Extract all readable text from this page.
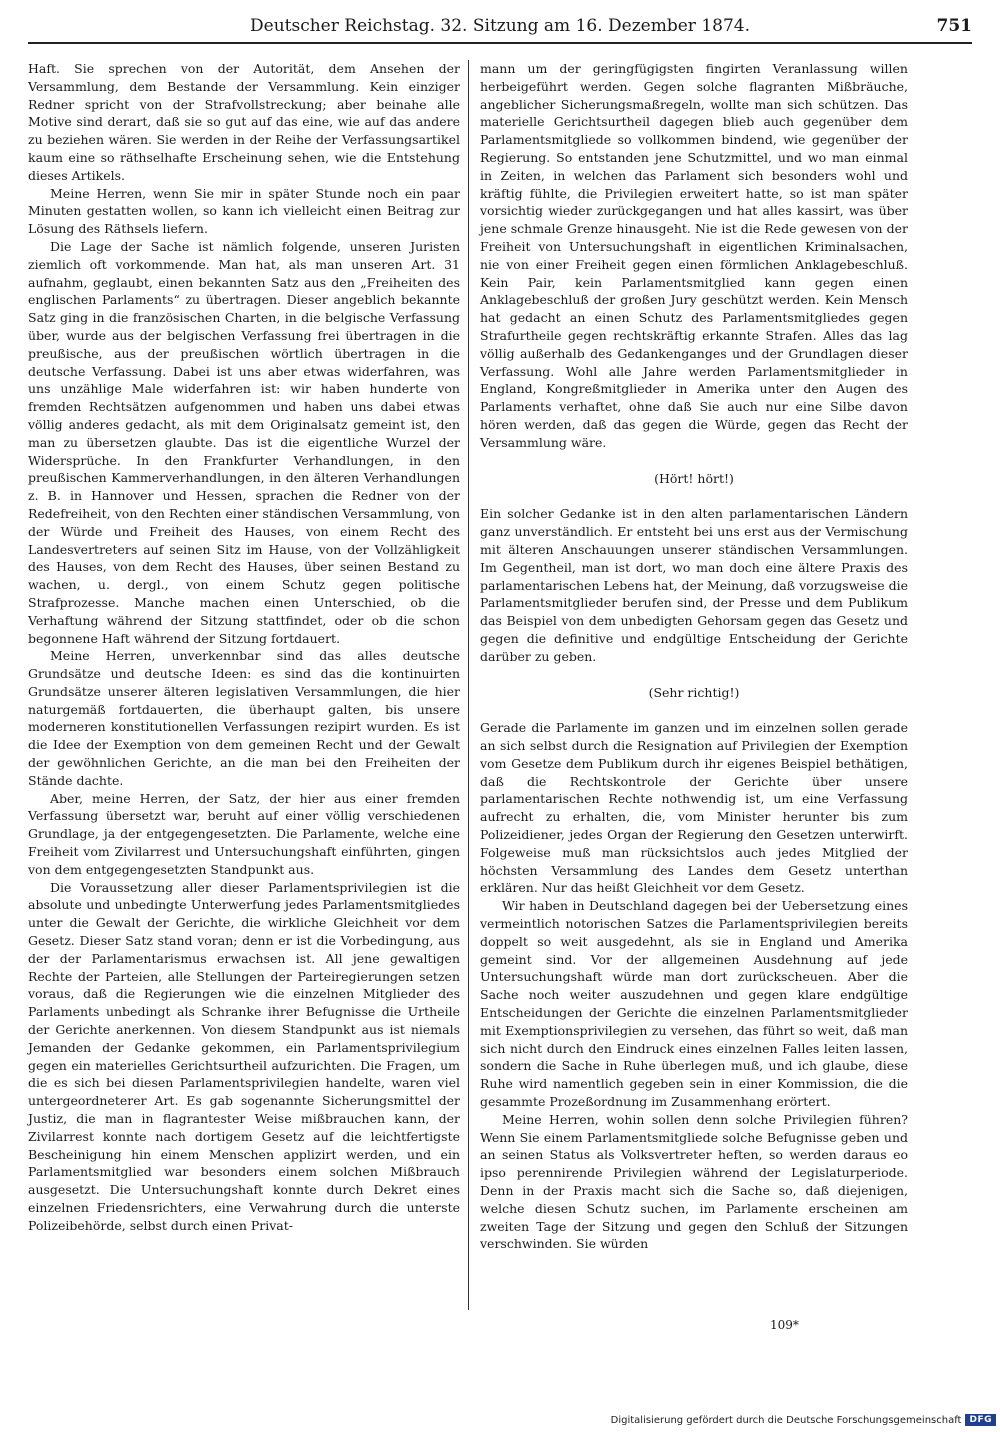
Deutscher Reichstag. 32. Sitzung am 16. Dezember 1874.	751

Haft. Sie sprechen von der Autorität, dem Ansehen der Versammlung, dem Bestande der Versammlung. Kein einziger Redner spricht von der Strafvollstreckung; aber beinahe alle Motive sind derart, daß sie so gut auf das eine, wie auf das andere zu beziehen wären. Sie werden in der Reihe der Verfassungsartikel kaum eine so räthselhafte Erscheinung sehen, wie die Entstehung dieses Artikels.

Meine Herren, wenn Sie mir in später Stunde noch ein paar Minuten gestatten wollen, so kann ich vielleicht einen Beitrag zur Lösung des Räthsels liefern.

Die Lage der Sache ist nämlich folgende, unseren Juristen ziemlich oft vorkommende. Man hat, als man unseren Art. 31 aufnahm, geglaubt, einen bekannten Satz aus den „Freiheiten des englischen Parlaments“ zu übertragen. Dieser angeblich bekannte Satz ging in die französischen Charten, in die belgische Verfassung über, wurde aus der belgischen Verfassung frei übertragen in die preußische, aus der preußischen wörtlich übertragen in die deutsche Verfassung. Dabei ist uns aber etwas widerfahren, was uns unzählige Male widerfahren ist: wir haben hunderte von fremden Rechtsätzen aufgenommen und haben uns dabei etwas völlig anderes gedacht, als mit dem Originalsatz gemeint ist, den man zu übersetzen glaubte. Das ist die eigentliche Wurzel der Widersprüche. In den Frankfurter Verhandlungen, in den preußischen Kammerverhandlungen, in den älteren Verhandlungen z. B. in Hannover und Hessen, sprachen die Redner von der Redefreiheit, von den Rechten einer ständischen Versammlung, von der Würde und Freiheit des Hauses, von einem Recht des Landesvertreters auf seinen Sitz im Hause, von der Vollzähligkeit des Hauses, von dem Recht des Hauses, über seinen Bestand zu wachen, u. dergl., von einem Schutz gegen politische Strafprozesse. Manche machen einen Unterschied, ob die Verhaftung während der Sitzung stattfindet, oder ob die schon begonnene Haft während der Sitzung fortdauert.

Meine Herren, unverkennbar sind das alles deutsche Grundsätze und deutsche Ideen: es sind das die kontinuirten Grundsätze unserer älteren legislativen Versammlungen, die hier naturgemäß fortdauerten, die überhaupt galten, bis unsere moderneren konstitutionellen Verfassungen rezipirt wurden. Es ist die Idee der Exemption von dem gemeinen Recht und der Gewalt der gewöhnlichen Gerichte, an die man bei den Freiheiten der Stände dachte.

Aber, meine Herren, der Satz, der hier aus einer fremden Verfassung übersetzt war, beruht auf einer völlig verschiedenen Grundlage, ja der entgegengesetzten. Die Parlamente, welche eine Freiheit vom Zivilarrest und Untersuchungshaft einführten, gingen von dem entgegengesetzten Standpunkt aus.

Die Voraussetzung aller dieser Parlamentsprivilegien ist die absolute und unbedingte Unterwerfung jedes Parlamentsmitgliedes unter die Gewalt der Gerichte, die wirkliche Gleichheit vor dem Gesetz. Dieser Satz stand voran; denn er ist die Vorbedingung, aus der der Parlamentarismus erwachsen ist. All jene gewaltigen Rechte der Parteien, alle Stellungen der Parteiregierungen setzen voraus, daß die Regierungen wie die einzelnen Mitglieder des Parlaments unbedingt als Schranke ihrer Befugnisse die Urtheile der Gerichte anerkennen. Von diesem Standpunkt aus ist niemals Jemanden der Gedanke gekommen, ein Parlamentsprivilegium gegen ein materielles Gerichtsurtheil aufzurichten. Die Fragen, um die es sich bei diesen Parlamentsprivilegien handelte, waren viel untergeordneterer Art. Es gab sogenannte Sicherungsmittel der Justiz, die man in flagrantester Weise mißbrauchen kann, der Zivilarrest konnte nach dortigem Gesetz auf die leichtfertigste Bescheinigung hin einem Menschen applizirt werden, und ein Parlamentsmitglied war besonders einem solchen Mißbrauch ausgesetzt. Die Untersuchungshaft konnte durch Dekret eines einzelnen Friedensrichters, eine Verwahrung durch die unterste Polizeibehörde, selbst durch einen Privat-

mann um der geringfügigsten fingirten Veranlassung willen herbeigeführt werden. Gegen solche flagranten Mißbräuche, angeblicher Sicherungsmaßregeln, wollte man sich schützen. Das materielle Gerichtsurtheil dagegen blieb auch gegenüber dem Parlamentsmitgliede so vollkommen bindend, wie gegenüber der Regierung. So entstanden jene Schutzmittel, und wo man einmal in Zeiten, in welchen das Parlament sich besonders wohl und kräftig fühlte, die Privilegien erweitert hatte, so ist man später vorsichtig wieder zurückgegangen und hat alles kassirt, was über jene schmale Grenze hinausgeht. Nie ist die Rede gewesen von der Freiheit von Untersuchungshaft in eigentlichen Kriminalsachen, nie von einer Freiheit gegen einen förmlichen Anklagebeschluß. Kein Pair, kein Parlamentsmitglied kann gegen einen Anklagebeschluß der großen Jury geschützt werden. Kein Mensch hat gedacht an einen Schutz des Parlamentsmitgliedes gegen Strafurtheile gegen rechtskräftig erkannte Strafen. Alles das lag völlig außerhalb des Gedankenganges und der Grundlagen dieser Verfassung. Wohl alle Jahre werden Parlamentsmitglieder in England, Kongreßmitglieder in Amerika unter den Augen des Parlaments verhaftet, ohne daß Sie auch nur eine Silbe davon hören werden, daß das gegen die Würde, gegen das Recht der Versammlung wäre.

(Hört! hört!)

Ein solcher Gedanke ist in den alten parlamentarischen Ländern ganz unverständlich. Er entsteht bei uns erst aus der Vermischung mit älteren Anschauungen unserer ständischen Versammlungen. Im Gegentheil, man ist dort, wo man doch eine ältere Praxis des parlamentarischen Lebens hat, der Meinung, daß vorzugsweise die Parlamentsmitglieder berufen sind, der Presse und dem Publikum das Beispiel von dem unbedigten Gehorsam gegen das Gesetz und gegen die definitive und endgültige Entscheidung der Gerichte darüber zu geben.

(Sehr richtig!)

Gerade die Parlamente im ganzen und im einzelnen sollen gerade an sich selbst durch die Resignation auf Privilegien der Exemption vom Gesetze dem Publikum durch ihr eigenes Beispiel bethätigen, daß die Rechtskontrole der Gerichte über unsere parlamentarischen Rechte nothwendig ist, um eine Verfassung aufrecht zu erhalten, die, vom Minister herunter bis zum Polizeidiener, jedes Organ der Regierung den Gesetzen unterwirft. Folgeweise muß man rücksichtslos auch jedes Mitglied der höchsten Versammlung des Landes dem Gesetz unterthan erklären. Nur das heißt Gleichheit vor dem Gesetz.

Wir haben in Deutschland dagegen bei der Uebersetzung eines vermeintlich notorischen Satzes die Parlamentsprivilegien bereits doppelt so weit ausgedehnt, als sie in England und Amerika gemeint sind. Vor der allgemeinen Ausdehnung auf jede Untersuchungshaft würde man dort zurückscheuen. Aber die Sache noch weiter auszudehnen und gegen klare endgültige Entscheidungen der Gerichte die einzelnen Parlamentsmitglieder mit Exemptionsprivilegien zu versehen, das führt so weit, daß man sich nicht durch den Eindruck eines einzelnen Falles leiten lassen, sondern die Sache in Ruhe überlegen muß, und ich glaube, diese Ruhe wird namentlich gegeben sein in einer Kommission, die die gesammte Prozeßordnung im Zusammenhang erörtert.

Meine Herren, wohin sollen denn solche Privilegien führen? Wenn Sie einem Parlamentsmitgliede solche Befugnisse geben und an seinen Status als Volksvertreter heften, so werden daraus eo ipso perennirende Privilegien während der Legislaturperiode. Denn in der Praxis macht sich die Sache so, daß diejenigen, welche diesen Schutz suchen, im Parlamente erscheinen am zweiten Tage der Sitzung und gegen den Schluß der Sitzungen verschwinden. Sie würden

109*
Digitalisierung gefördert durch die Deutsche Forschungsgemeinschaft DFG
